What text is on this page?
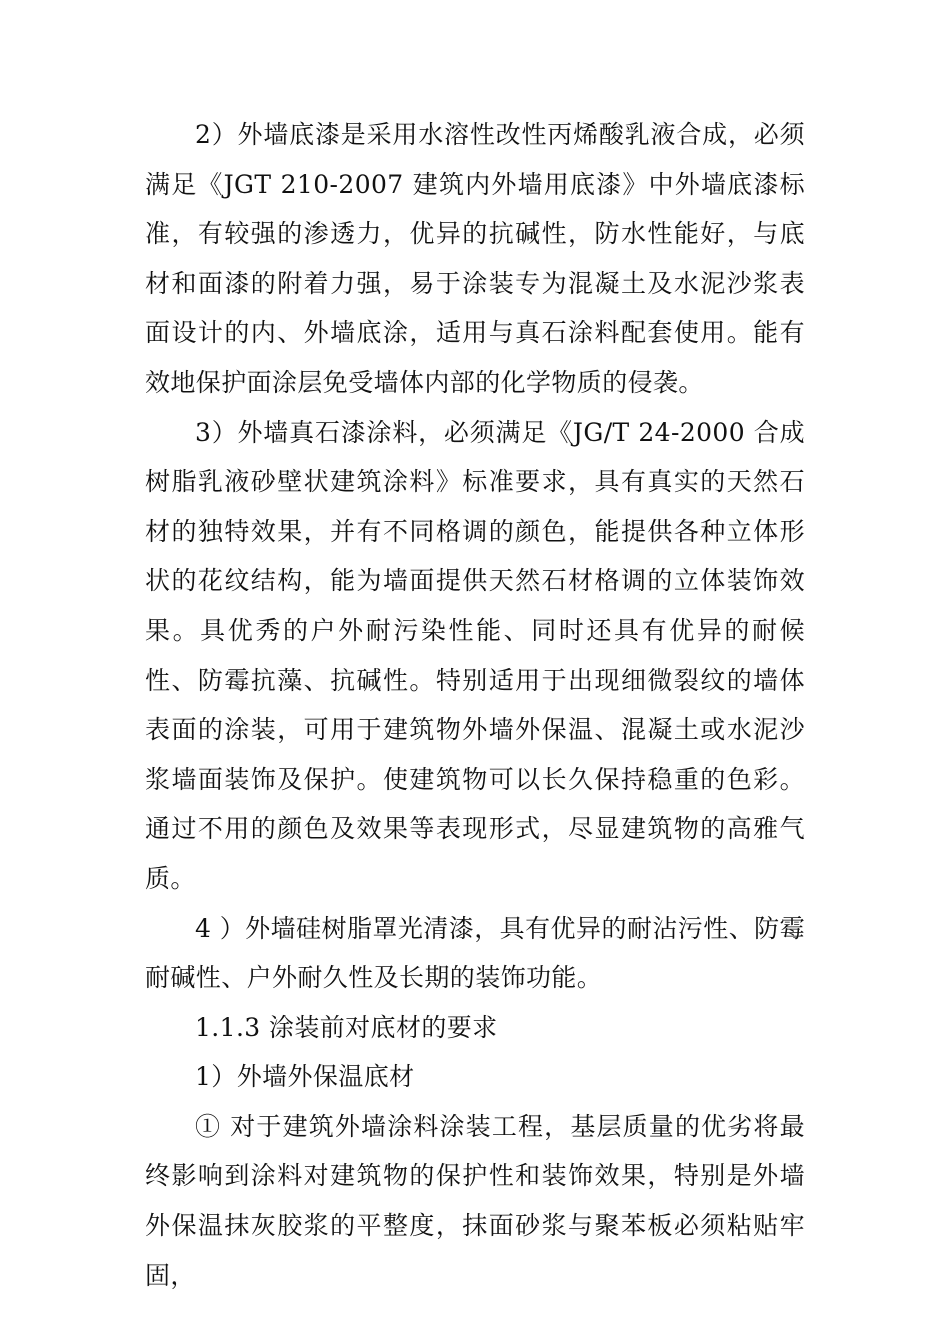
2）外墙底漆是采用水溶性改性丙烯酸乳液合成，必须满足《JGT 210-2007 建筑内外墙用底漆》中外墙底漆标准，有较强的渗透力，优异的抗碱性，防水性能好，与底材和面漆的附着力强，易于涂装专为混凝土及水泥沙浆表面设计的内、外墙底涂，适用与真石涂料配套使用。能有效地保护面涂层免受墙体内部的化学物质的侵袭。

3）外墙真石漆涂料，必须满足《JG/T 24-2000 合成树脂乳液砂壁状建筑涂料》标准要求，具有真实的天然石材的独特效果，并有不同格调的颜色，能提供各种立体形状的花纹结构，能为墙面提供天然石材格调的立体装饰效果。具优秀的户外耐污染性能、同时还具有优异的耐候性、防霉抗藻、抗碱性。特别适用于出现细微裂纹的墙体表面的涂装，可用于建筑物外墙外保温、混凝土或水泥沙浆墙面装饰及保护。使建筑物可以长久保持稳重的色彩。通过不用的颜色及效果等表现形式，尽显建筑物的高雅气质。

4 ）外墙硅树脂罩光清漆，具有优异的耐沾污性、防霉耐碱性、户外耐久性及长期的装饰功能。

1.1.3 涂装前对底材的要求

1）外墙外保温底材

① 对于建筑外墙涂料涂装工程，基层质量的优劣将最终影响到涂料对建筑物的保护性和装饰效果，特别是外墙外保温抹灰胶浆的平整度，抹面砂浆与聚苯板必须粘贴牢固，
